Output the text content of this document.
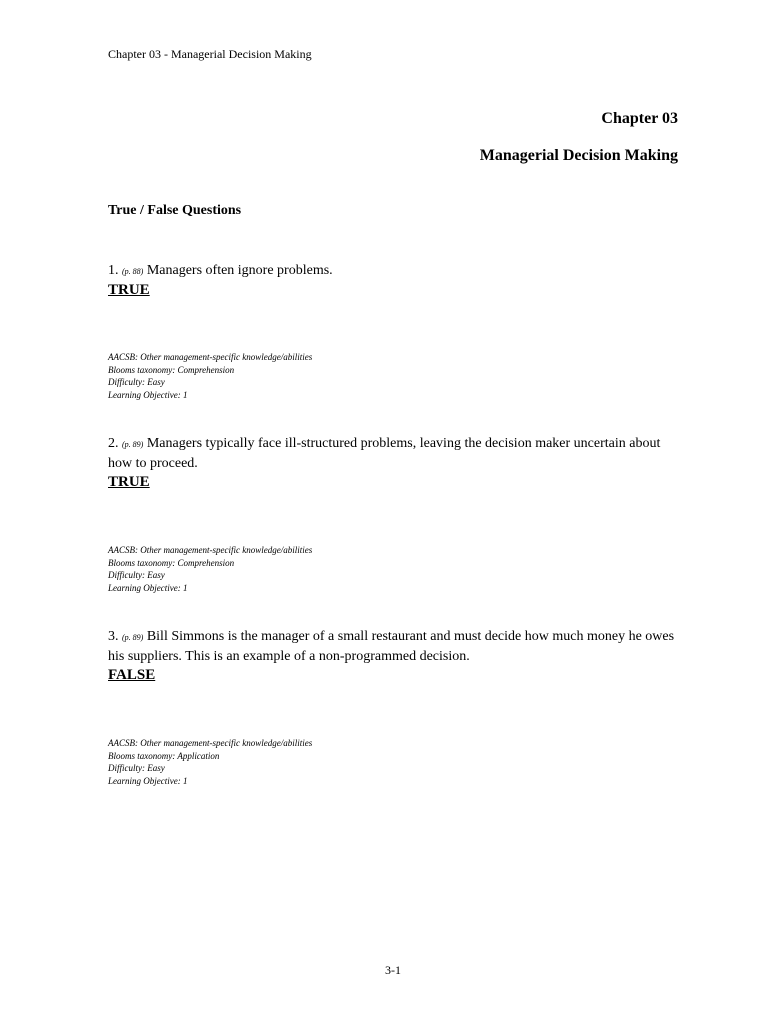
Chapter 03 - Managerial Decision Making
Chapter 03
Managerial Decision Making
True / False Questions
1. (p. 88) Managers often ignore problems.
TRUE
AACSB: Other management-specific knowledge/abilities
Blooms taxonomy: Comprehension
Difficulty: Easy
Learning Objective: 1
2. (p. 89) Managers typically face ill-structured problems, leaving the decision maker uncertain about how to proceed.
TRUE
AACSB: Other management-specific knowledge/abilities
Blooms taxonomy: Comprehension
Difficulty: Easy
Learning Objective: 1
3. (p. 89) Bill Simmons is the manager of a small restaurant and must decide how much money he owes his suppliers. This is an example of a non-programmed decision.
FALSE
AACSB: Other management-specific knowledge/abilities
Blooms taxonomy: Application
Difficulty: Easy
Learning Objective: 1
3-1
